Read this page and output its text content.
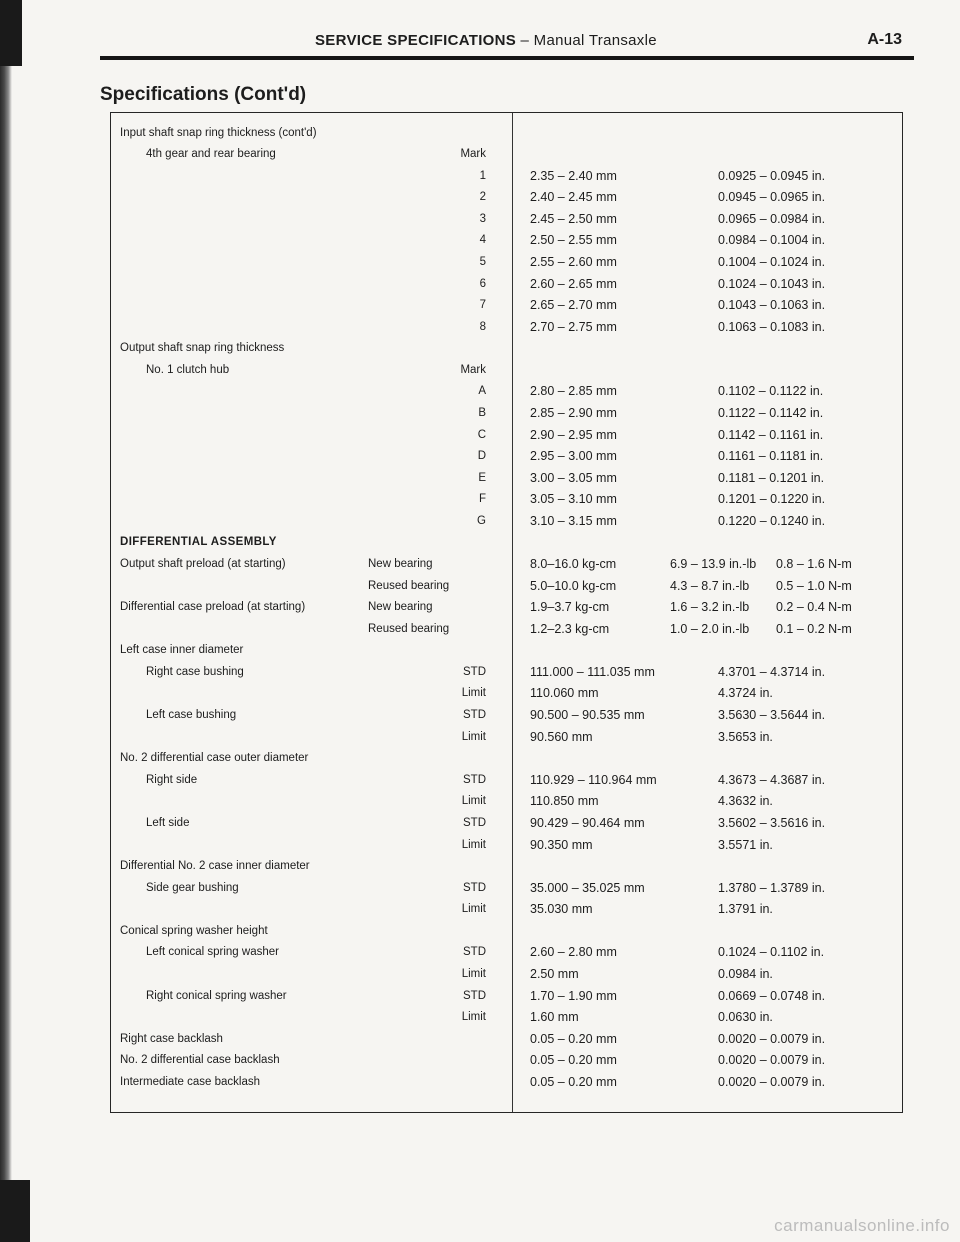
SERVICE SPECIFICATIONS – Manual Transaxle	A-13
Specifications (Cont'd)
Input shaft snap ring thickness (cont'd)
4th gear and rear bearing	Mark
1	2.35 – 2.40 mm	0.0925 – 0.0945 in.
2	2.40 – 2.45 mm	0.0945 – 0.0965 in.
3	2.45 – 2.50 mm	0.0965 – 0.0984 in.
4	2.50 – 2.55 mm	0.0984 – 0.1004 in.
5	2.55 – 2.60 mm	0.1004 – 0.1024 in.
6	2.60 – 2.65 mm	0.1024 – 0.1043 in.
7	2.65 – 2.70 mm	0.1043 – 0.1063 in.
8	2.70 – 2.75 mm	0.1063 – 0.1083 in.
Output shaft snap ring thickness
No. 1 clutch hub	Mark
A	2.80 – 2.85 mm	0.1102 – 0.1122 in.
B	2.85 – 2.90 mm	0.1122 – 0.1142 in.
C	2.90 – 2.95 mm	0.1142 – 0.1161 in.
D	2.95 – 3.00 mm	0.1161 – 0.1181 in.
E	3.00 – 3.05 mm	0.1181 – 0.1201 in.
F	3.05 – 3.10 mm	0.1201 – 0.1220 in.
G	3.10 – 3.15 mm	0.1220 – 0.1240 in.
DIFFERENTIAL ASSEMBLY
Output shaft preload (at starting)	New bearing	8.0–16.0 kg-cm	6.9 – 13.9 in.-lb 0.8 – 1.6 N-m
Reused bearing	5.0–10.0 kg-cm	4.3 – 8.7 in.-lb 0.5 – 1.0 N-m
Differential case preload (at starting)	New bearing	1.9–3.7 kg-cm	1.6 – 3.2 in.-lb 0.2 – 0.4 N-m
Reused bearing	1.2–2.3 kg-cm	1.0 – 2.0 in.-lb 0.1 – 0.2 N-m
Left case inner diameter
Right case bushing	STD	111.000 – 111.035 mm	4.3701 – 4.3714 in.
Limit	110.060 mm	4.3724 in.
Left case bushing	STD	90.500 – 90.535 mm	3.5630 – 3.5644 in.
Limit	90.560 mm	3.5653 in.
No. 2 differential case outer diameter
Right side	STD	110.929 – 110.964 mm	4.3673 – 4.3687 in.
Limit	110.850 mm	4.3632 in.
Left side	STD	90.429 – 90.464 mm	3.5602 – 3.5616 in.
Limit	90.350 mm	3.5571 in.
Differential No. 2 case inner diameter
Side gear bushing	STD	35.000 – 35.025 mm	1.3780 – 1.3789 in.
Limit	35.030 mm	1.3791 in.
Conical spring washer height
Left conical spring washer	STD	2.60 – 2.80 mm	0.1024 – 0.1102 in.
Limit	2.50 mm	0.0984 in.
Right conical spring washer	STD	1.70 – 1.90 mm	0.0669 – 0.0748 in.
Limit	1.60 mm	0.0630 in.
Right case backlash	0.05 – 0.20 mm	0.0020 – 0.0079 in.
No. 2 differential case backlash	0.05 – 0.20 mm	0.0020 – 0.0079 in.
Intermediate case backlash	0.05 – 0.20 mm	0.0020 – 0.0079 in.
carmanualsonline.info
